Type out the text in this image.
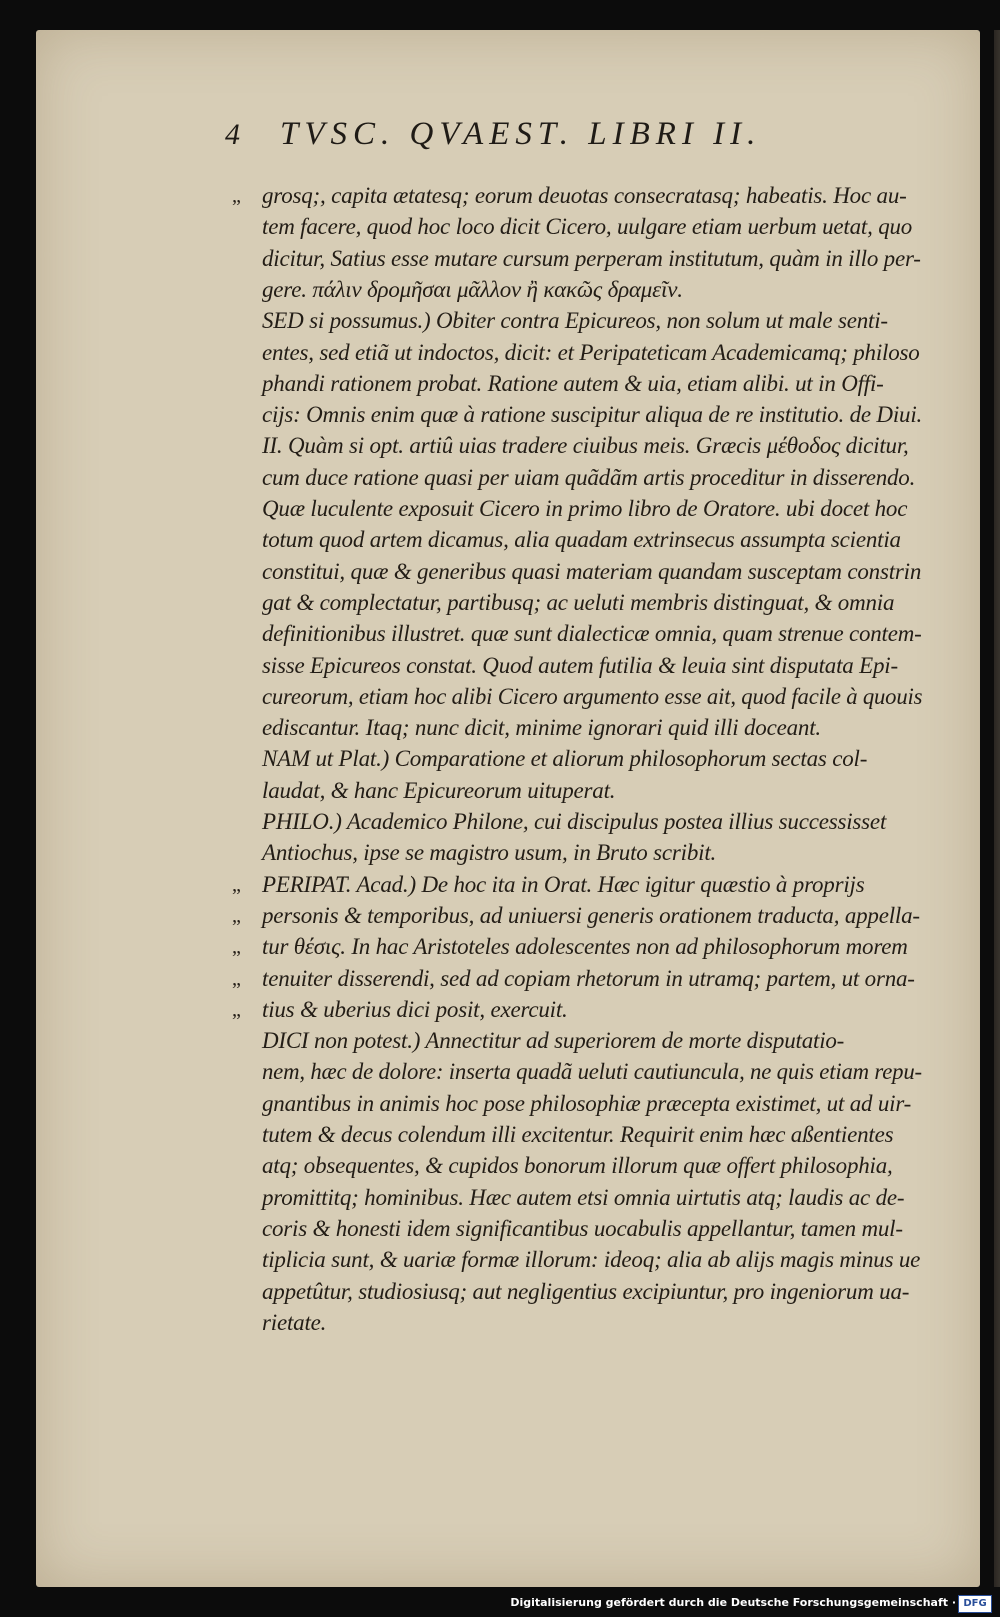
4 TVSC. QVAEST. LIBRI II.
„ grosq;, capita ætatesq; eorum deuotas consecratasq; habeatis. Hoc au-
tem facere, quod hoc loco dicit Cicero, uulgare etiam uerbum uetat, quo
dicitur, Satius esse mutare cursum perperam institutum, quàm in illo per-
gere. πάλιν δρομῆσαι μᾶλλον ἢ κακῶς δραμεῖν.
SED si possumus.) Obiter contra Epicureos, non solum ut male senti-
entes, sed etiã ut indoctos, dicit: et Peripateticam Academicamq; philoso
phandi rationem probat. Ratione autem & uia, etiam alibi. ut in Offi-
cijs: Omnis enim quæ à ratione suscipitur aliqua de re institutio. de Diui.
II. Quàm si opt. artiû uias tradere ciuibus meis. Græcis μέθοδος dicitur,
cum duce ratione quasi per uiam quãdãm artis proceditur in disserendo.
Quæ luculente exposuit Cicero in primo libro de Oratore. ubi docet hoc
totum quod artem dicamus, alia quadam extrinsecus assumpta scientia
constitui, quæ & generibus quasi materiam quandam susceptam constrin
gat & complectatur, partibusq; ac ueluti membris distinguat, & omnia
definitionibus illustret. quæ sunt dialecticæ omnia, quam strenue contem-
sisse Epicureos constat. Quod autem futilia & leuia sint disputata Epi-
cureorum, etiam hoc alibi Cicero argumento esse ait, quod facile à quouis
ediscantur. Itaq; nunc dicit, minime ignorari quid illi doceant.
NAM ut Plat.) Comparatione et aliorum philosophorum sectas col-
laudat, & hanc Epicureorum uituperat.
PHILO.) Academico Philone, cui discipulus postea illius successisset
Antiochus, ipse se magistro usum, in Bruto scribit.
„ PERIPAT. Acad.) De hoc ita in Orat. Hæc igitur quæstio à proprijs
„ personis & temporibus, ad uniuersi generis orationem traducta, appella-
„ tur θέσις. In hac Aristoteles adolescentes non ad philosophorum morem
„ tenuiter disserendi, sed ad copiam rhetorum in utramq; partem, ut orna-
„ tius & uberius dici posit, exercuit.
DICI non potest.) Annectitur ad superiorem de morte disputatio-
nem, hæc de dolore: inserta quadã ueluti cautiuncula, ne quis etiam repu-
gnantibus in animis hoc pose philosophiæ præcepta existimet, ut ad uir-
tutem & decus colendum illi excitentur. Requirit enim hæc aßentientes
atq; obsequentes, & cupidos bonorum illorum quæ offert philosophia,
promittitq; hominibus. Hæc autem etsi omnia uirtutis atq; laudis ac de-
coris & honesti idem significantibus uocabulis appellantur, tamen mul-
tiplicia sunt, & uariæ formæ illorum: ideoq; alia ab alijs magis minus ue
appetûtur, studiosiusq; aut negligentius excipiuntur, pro ingeniorum ua-
rietate.
Digitalisierung gefördert durch die Deutsche Forschungsgemeinschaft · DFG
